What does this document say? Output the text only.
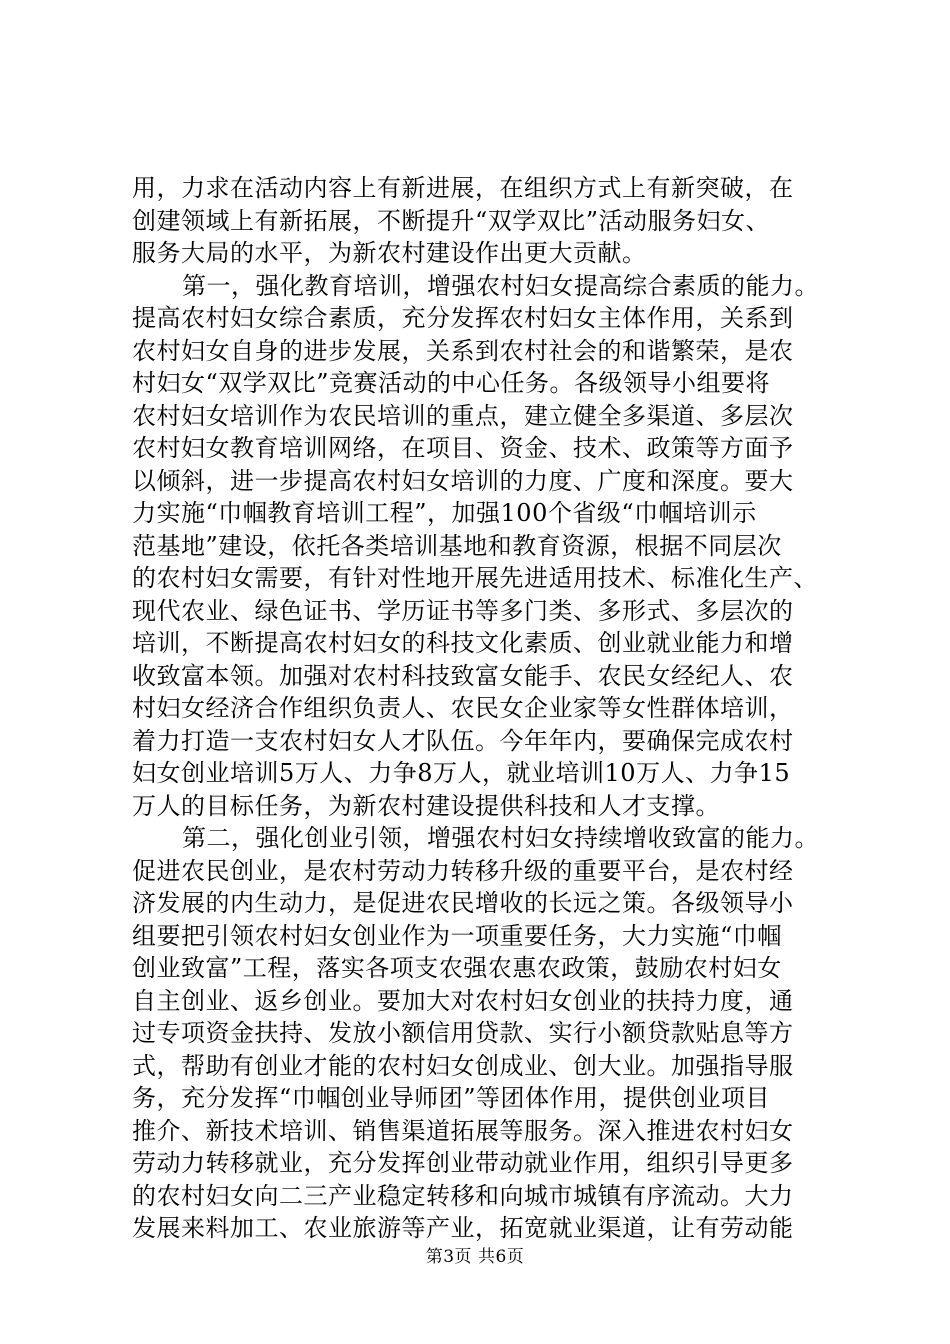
用，力求在活动内容上有新进展，在组织方式上有新突破，在
创建领域上有新拓展，不断提升“双学双比”活动服务妇女、
服务大局的水平，为新农村建设作出更大贡献。
第一，强化教育培训，增强农村妇女提高综合素质的能力。
提高农村妇女综合素质，充分发挥农村妇女主体作用，关系到
农村妇女自身的进步发展，关系到农村社会的和谐繁荣，是农
村妇女“双学双比”竞赛活动的中心任务。各级领导小组要将
农村妇女培训作为农民培训的重点，建立健全多渠道、多层次
农村妇女教育培训网络，在项目、资金、技术、政策等方面予
以倾斜，进一步提高农村妇女培训的力度、广度和深度。要大
力实施“巾帼教育培训工程”，加强100个省级“巾帼培训示
范基地”建设，依托各类培训基地和教育资源，根据不同层次
的农村妇女需要，有针对性地开展先进适用技术、标准化生产、
现代农业、绿色证书、学历证书等多门类、多形式、多层次的
培训，不断提高农村妇女的科技文化素质、创业就业能力和增
收致富本领。加强对农村科技致富女能手、农民女经纪人、农
村妇女经济合作组织负责人、农民女企业家等女性群体培训，
着力打造一支农村妇女人才队伍。今年年内，要确保完成农村
妇女创业培训5万人、力争8万人，就业培训10万人、力争15
万人的目标任务，为新农村建设提供科技和人才支撑。
第二，强化创业引领，增强农村妇女持续增收致富的能力。
促进农民创业，是农村劳动力转移升级的重要平台，是农村经
济发展的内生动力，是促进农民增收的长远之策。各级领导小
组要把引领农村妇女创业作为一项重要任务，大力实施“巾帼
创业致富”工程，落实各项支农强农惠农政策，鼓励农村妇女
自主创业、返乡创业。要加大对农村妇女创业的扶持力度，通
过专项资金扶持、发放小额信用贷款、实行小额贷款贴息等方
式，帮助有创业才能的农村妇女创成业、创大业。加强指导服
务，充分发挥“巾帼创业导师团”等团体作用，提供创业项目
推介、新技术培训、销售渠道拓展等服务。深入推进农村妇女
劳动力转移就业，充分发挥创业带动就业作用，组织引导更多
的农村妇女向二三产业稳定转移和向城市城镇有序流动。大力
发展来料加工、农业旅游等产业，拓宽就业渠道，让有劳动能
第3页 共6页
